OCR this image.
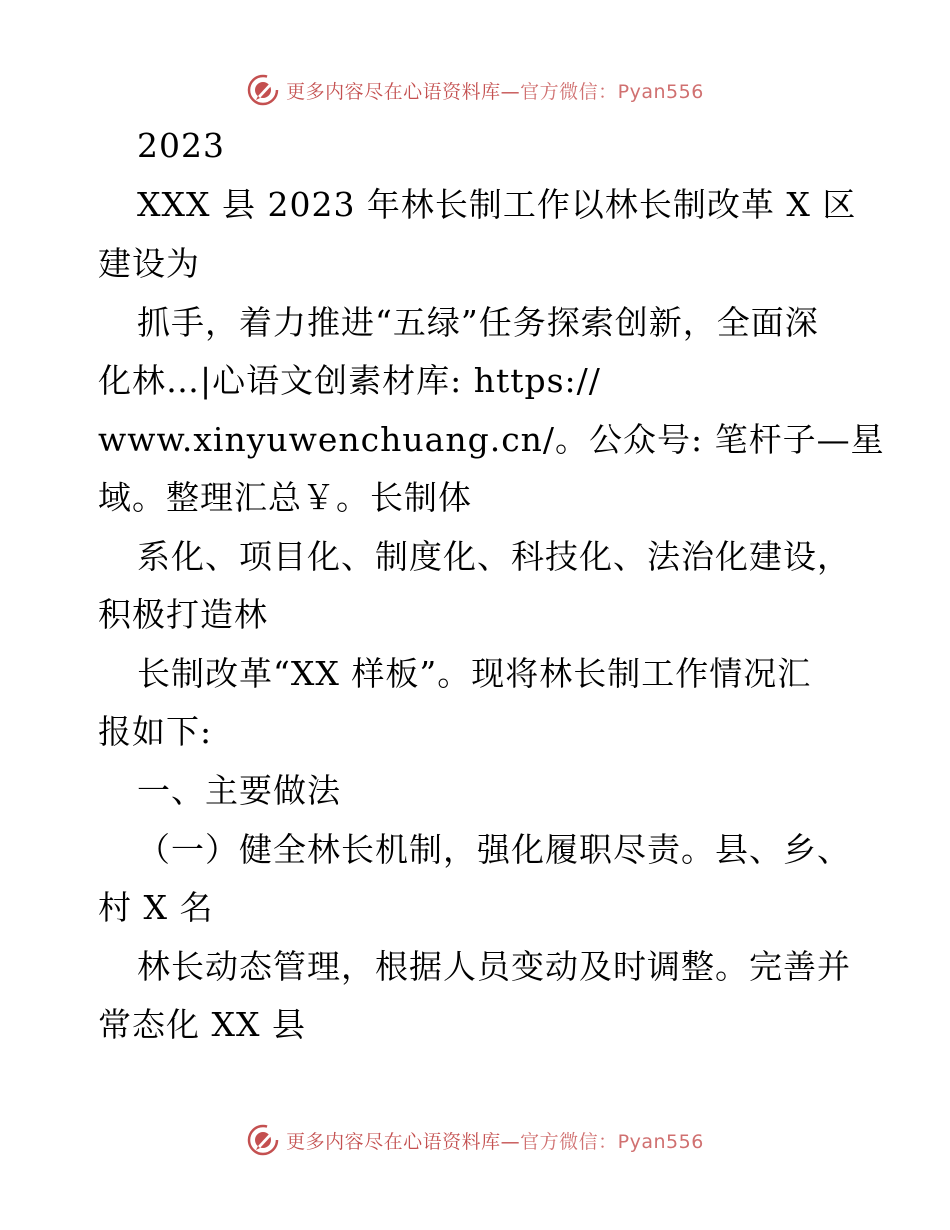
更多内容尽在心语资料库—官方微信：Pyan556
2023
XXX 县 2023 年林长制工作以林长制改革 X 区
建设为
抓手，着力推进“五绿”任务探索创新，全面深
化林…|心语文创素材库: https://
www.xinyuwenchuang.cn/。公众号: 笔杆子—星
域。整理汇总￥。长制体
系化、项目化、制度化、科技化、法治化建设，
积极打造林
长制改革“XX 样板”。现将林长制工作情况汇
报如下:
一、主要做法
（一）健全林长机制，强化履职尽责。县、乡、
村 X 名
林长动态管理，根据人员变动及时调整。完善并
常态化 XX 县
更多内容尽在心语资料库—官方微信：Pyan556
